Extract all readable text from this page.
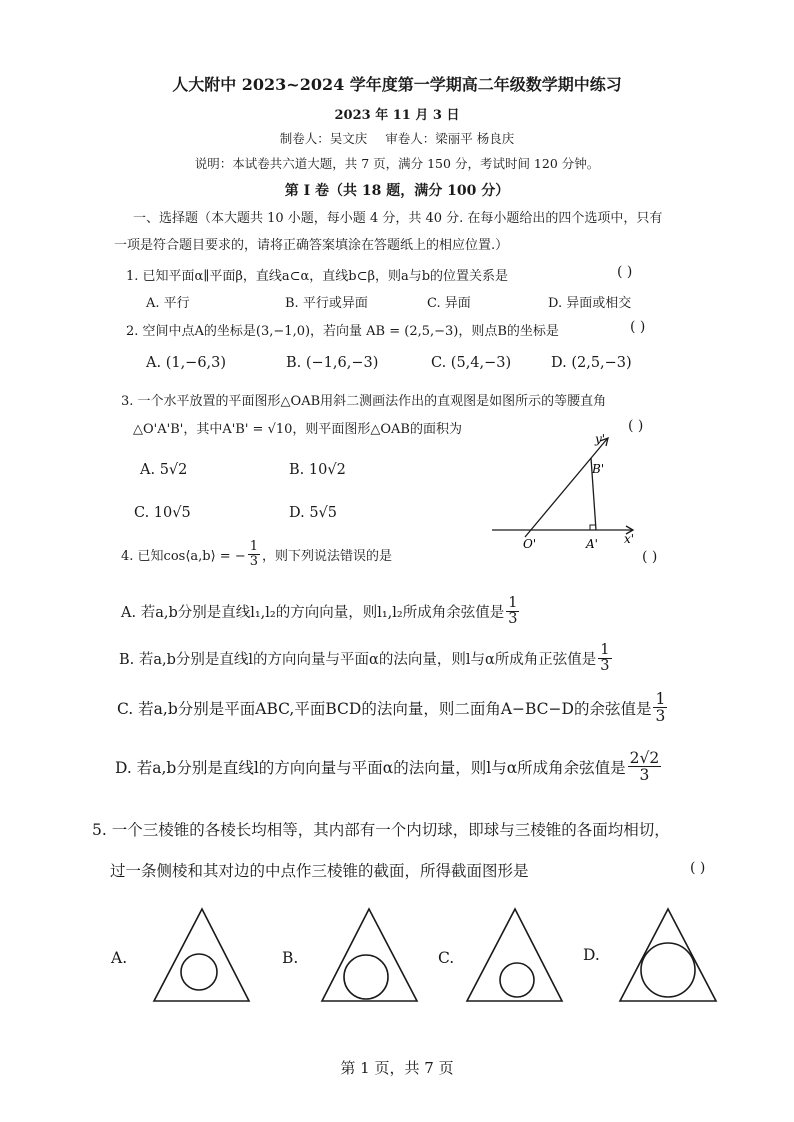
人大附中 2023~2024 学年度第一学期高二年级数学期中练习
2023 年 11 月 3 日
制卷人：吴文庆 审卷人：梁丽平 杨良庆
说明：本试卷共六道大题，共 7 页，满分 150 分，考试时间 120 分钟。
第 I 卷（共 18 题，满分 100 分）
一、选择题（本大题共 10 小题，每小题 4 分，共 40 分. 在每小题给出的四个选项中，只有
一项是符合题目要求的，请将正确答案填涂在答题纸上的相应位置.）
1. 已知平面α∥平面β，直线a⊂α，直线b⊂β，则a与b的位置关系是	( )
A. 平行	B. 平行或异面	C. 异面	D. 异面或相交
2. 空间中点A的坐标是(3,−1,0)，若向量 AB = (2,5,−3)，则点B的坐标是	( )
A. (1,−6,3)	B. (−1,6,−3)	C. (5,4,−3)	D. (2,5,−3)
3. 一个水平放置的平面图形△OAB用斜二测画法作出的直观图是如图所示的等腰直角
△O'A'B'，其中A'B' = √10，则平面图形△OAB的面积为	( )
A. 5√2	B. 10√2
C. 10√5	D. 5√5
y'
x'
O'	A'
B'
4. 已知cos⟨a,b⟩ = − $\frac{1}{3}$ ，则下列说法错误的是	( )
A. 若a,b分别是直线l₁,l₂的方向向量，则l₁,l₂所成角余弦值是 $\frac{1}{3}$
B. 若a,b分别是直线l的方向向量与平面α的法向量，则l与α所成角正弦值是 $\frac{1}{3}$
C. 若a,b分别是平面ABC,平面BCD的法向量，则二面角A−BC−D的余弦值是 $\frac{1}{3}$
D. 若a,b分别是直线l的方向向量与平面α的法向量，则l与α所成角余弦值是 $\frac{2√2}{3}$
5. 一个三棱锥的各棱长均相等，其内部有一个内切球，即球与三棱锥的各面均相切，
过一条侧棱和其对边的中点作三棱锥的截面，所得截面图形是	( )
A.	B.	C.	D.
第 1 页，共 7 页
